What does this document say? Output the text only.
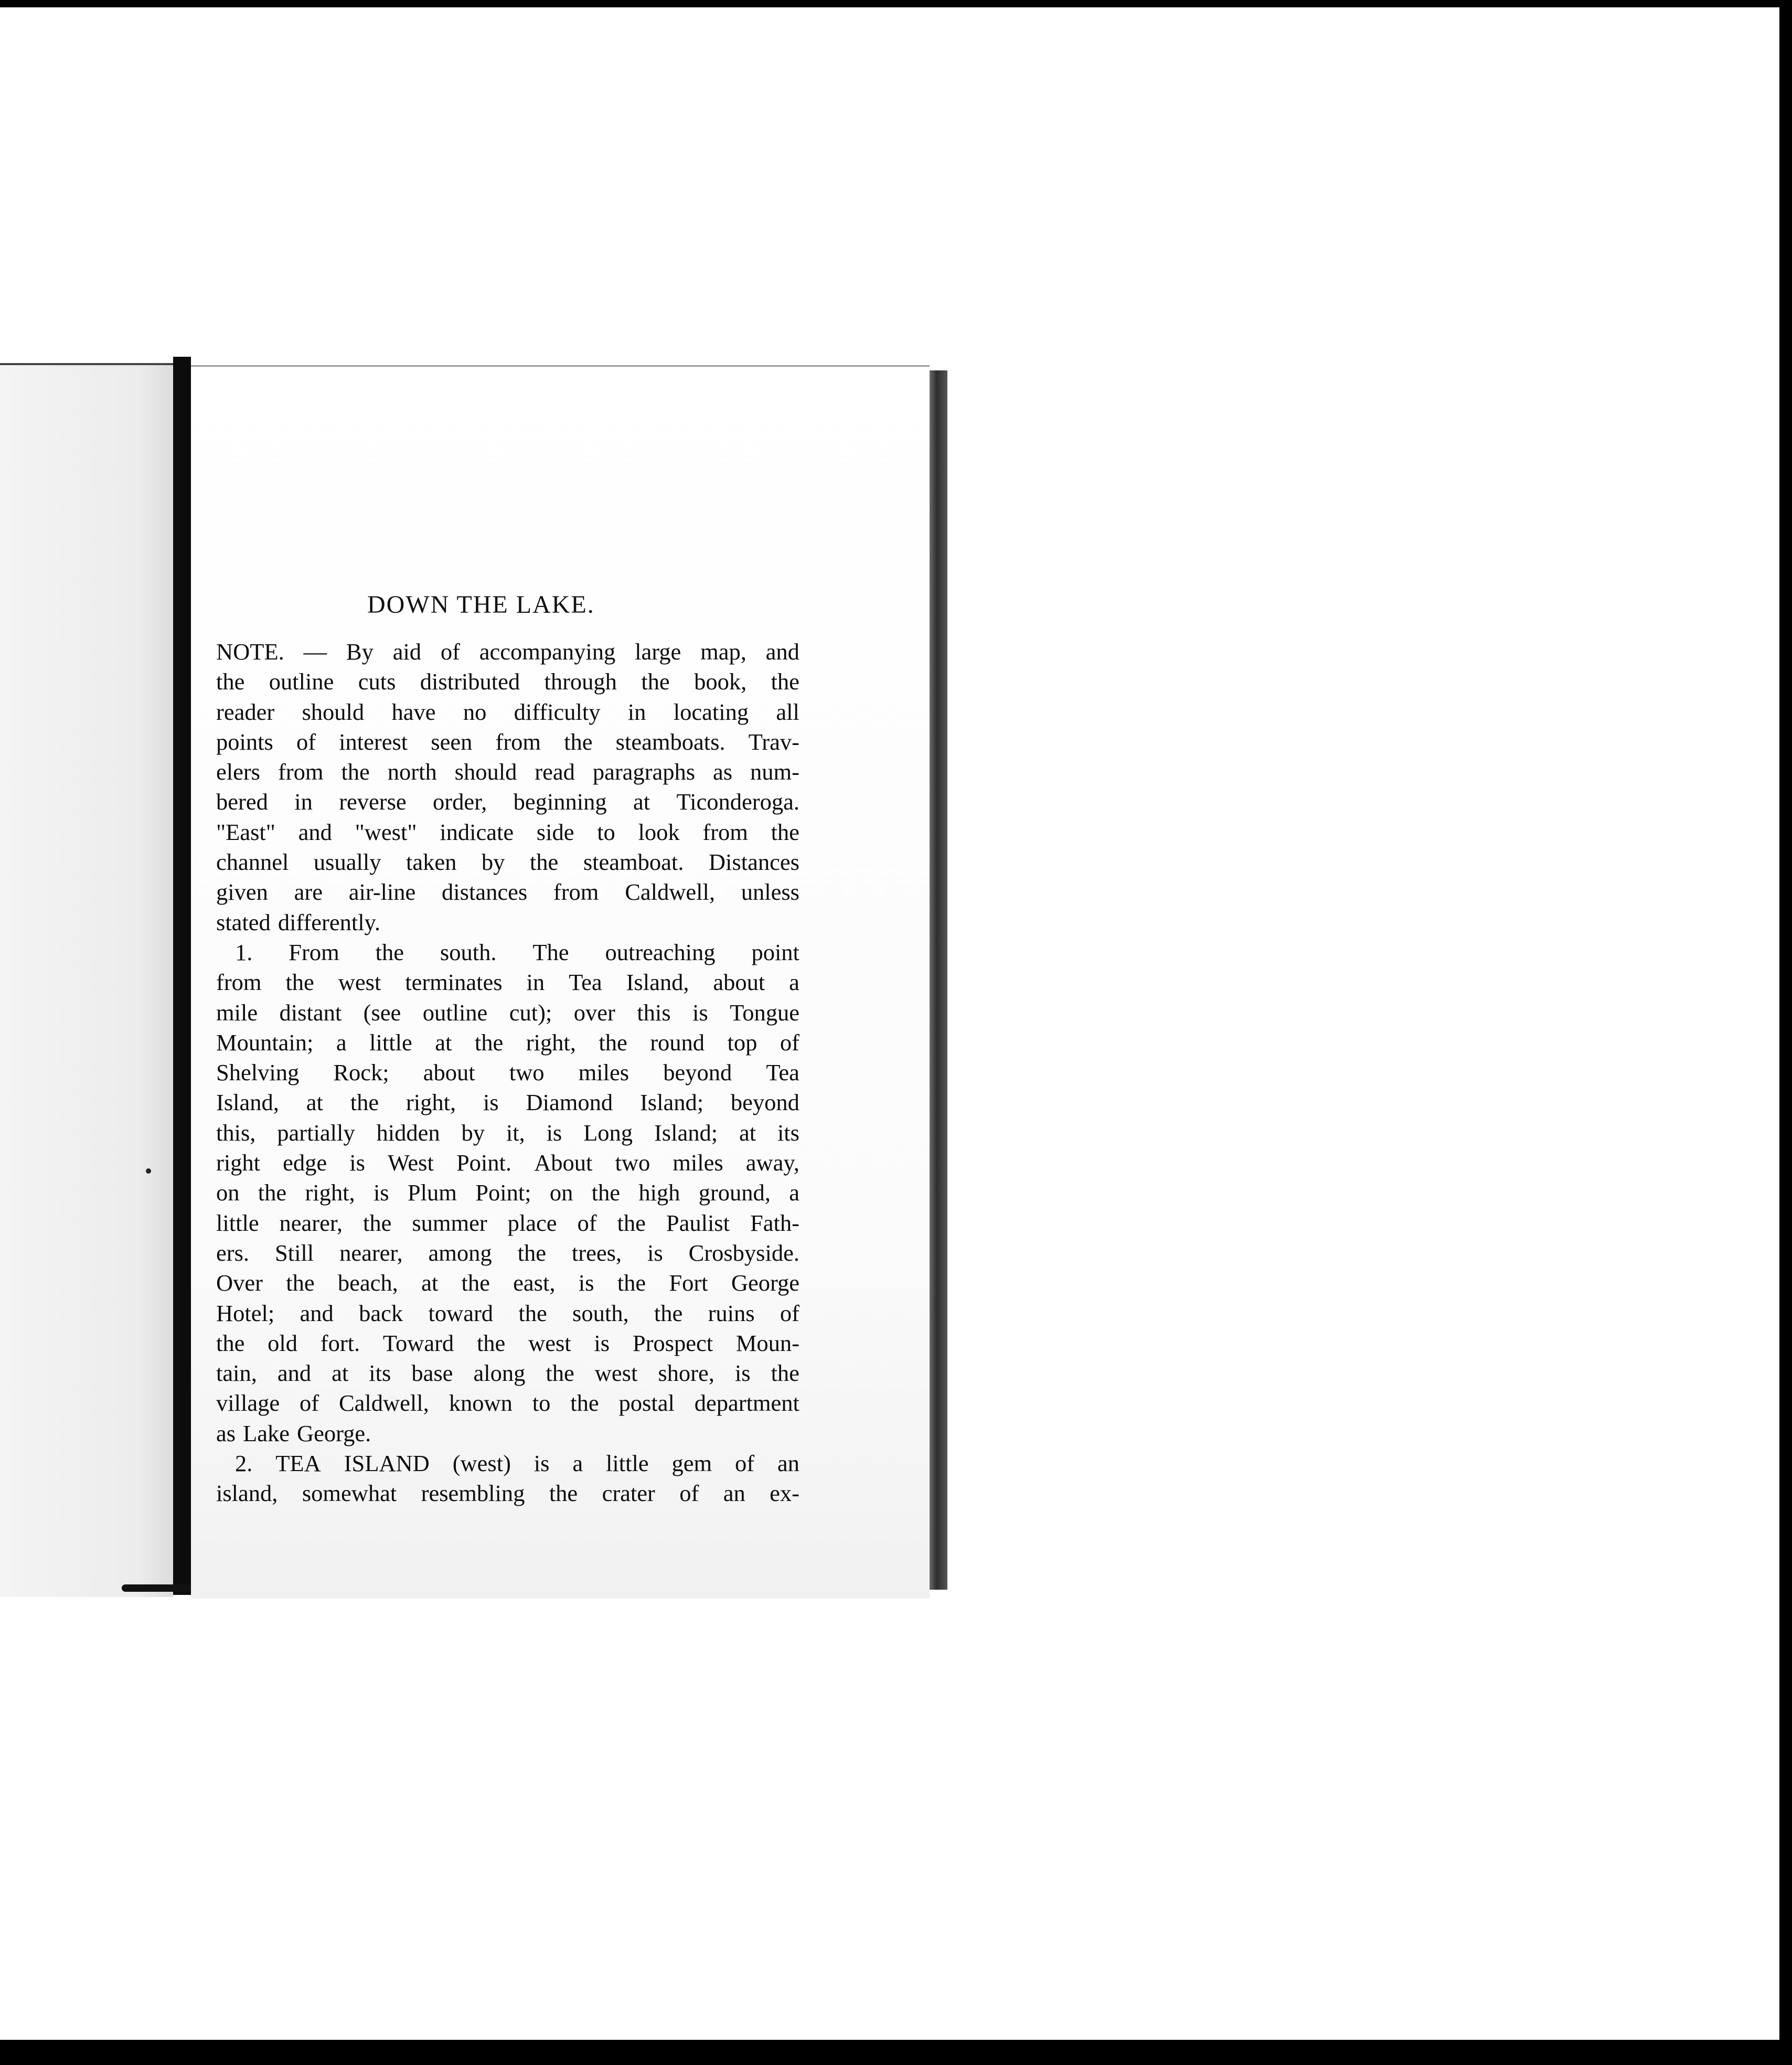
DOWN THE LAKE.
NOTE. — By aid of accompanying large map, and
the outline cuts distributed through the book, the
reader should have no difficulty in locating all
points of interest seen from the steamboats. Trav-
elers from the north should read paragraphs as num-
bered in reverse order, beginning at Ticonderoga.
"East" and "west" indicate side to look from the
channel usually taken by the steamboat. Distances
given are air-line distances from Caldwell, unless
stated differently.
1. From the south. The outreaching point
from the west terminates in Tea Island, about a
mile distant (see outline cut); over this is Tongue
Mountain; a little at the right, the round top of
Shelving Rock; about two miles beyond Tea
Island, at the right, is Diamond Island; beyond
this, partially hidden by it, is Long Island; at its
right edge is West Point. About two miles away,
on the right, is Plum Point; on the high ground, a
little nearer, the summer place of the Paulist Fath-
ers. Still nearer, among the trees, is Crosbyside.
Over the beach, at the east, is the Fort George
Hotel; and back toward the south, the ruins of
the old fort. Toward the west is Prospect Moun-
tain, and at its base along the west shore, is the
village of Caldwell, known to the postal department
as Lake George.
2. TEA ISLAND (west) is a little gem of an
island, somewhat resembling the crater of an ex-
